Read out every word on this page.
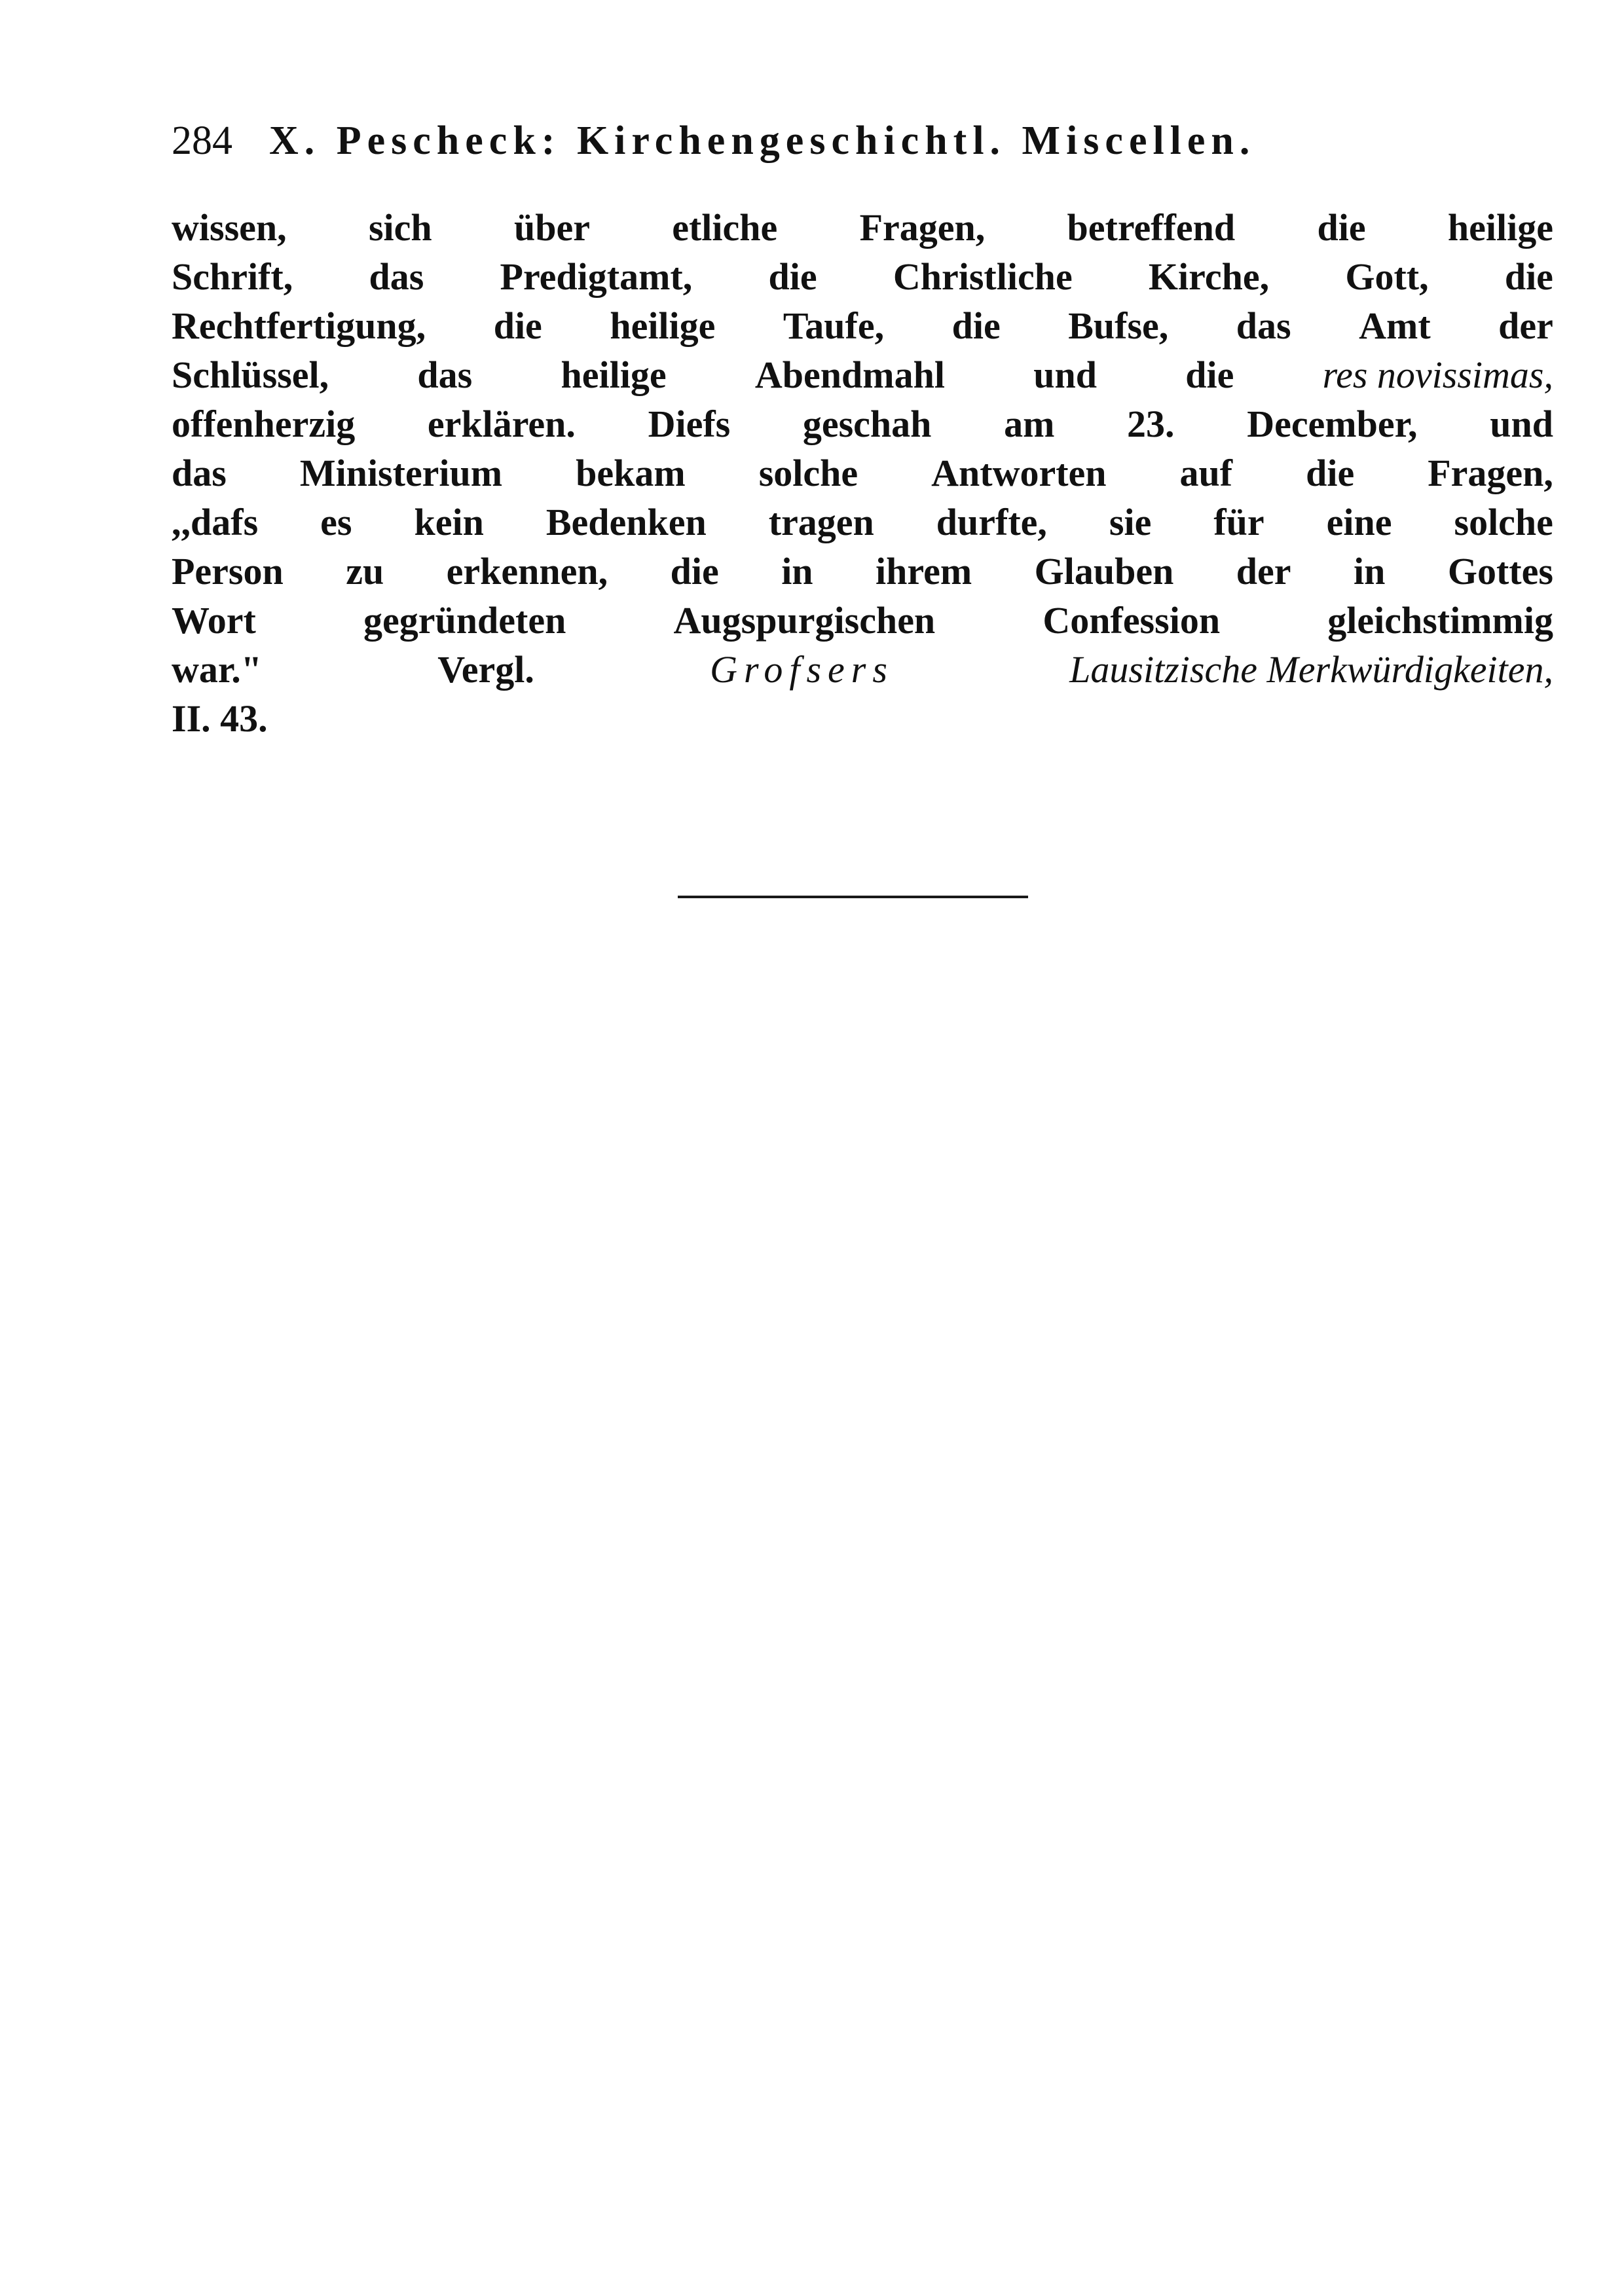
284 X. Pescheck: Kirchengeschichtl. Miscellen.
wissen, sich über etliche Fragen, betreffend die heilige
Schrift, das Predigtamt, die Christliche Kirche, Gott, die
Rechtfertigung, die heilige Taufe, die Bufse, das Amt der
Schlüssel, das heilige Abendmahl und die res novissimas,
offenherzig erklären. Diefs geschah am 23. December, und
das Ministerium bekam solche Antworten auf die Fragen,
,,dafs es kein Bedenken tragen durfte, sie für eine solche
Person zu erkennen, die in ihrem Glauben der in Gottes
Wort	gegründeten	Augspurgischen	Confession	gleichstimmig
war."	Vergl.	Grofsers	Lausitzische Merkwürdigkeiten,
II. 43.
